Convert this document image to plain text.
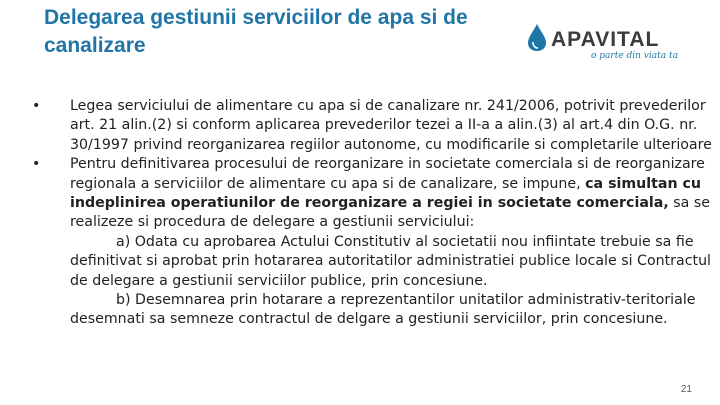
Delegarea gestiunii serviciilor de apa si de canalizare	APAVITAL
o parte din viata ta
•	Legea serviciului de alimentare cu apa si de canalizare nr. 241/2006, potrivit prevederilor art. 21 alin.(2) si conform aplicarea prevederilor tezei a II-a a alin.(3) al art.4 din O.G. nr. 30/1997 privind reorganizarea regiilor autonome, cu modificarile si completarile ulterioare
•	Pentru definitivarea procesului de reorganizare in societate comerciala si de reorganizare regionala a serviciilor de alimentare cu apa si de canalizare, se impune, ca simultan cu indeplinirea operatiunilor de reorganizare a regiei in societate comerciala, sa se realizeze si procedura de delegare a gestiunii serviciului:
a) Odata cu aprobarea Actului Constitutiv al societatii nou infiintate trebuie sa fie definitivat si aprobat prin hotararea autoritatilor administratiei publice locale si Contractul de delegare a gestiunii serviciilor publice, prin concesiune.
b) Desemnarea prin hotarare a reprezentantilor unitatilor administrativ-teritoriale desemnati sa semneze contractul de delgare a gestiunii serviciilor, prin concesiune.
21
